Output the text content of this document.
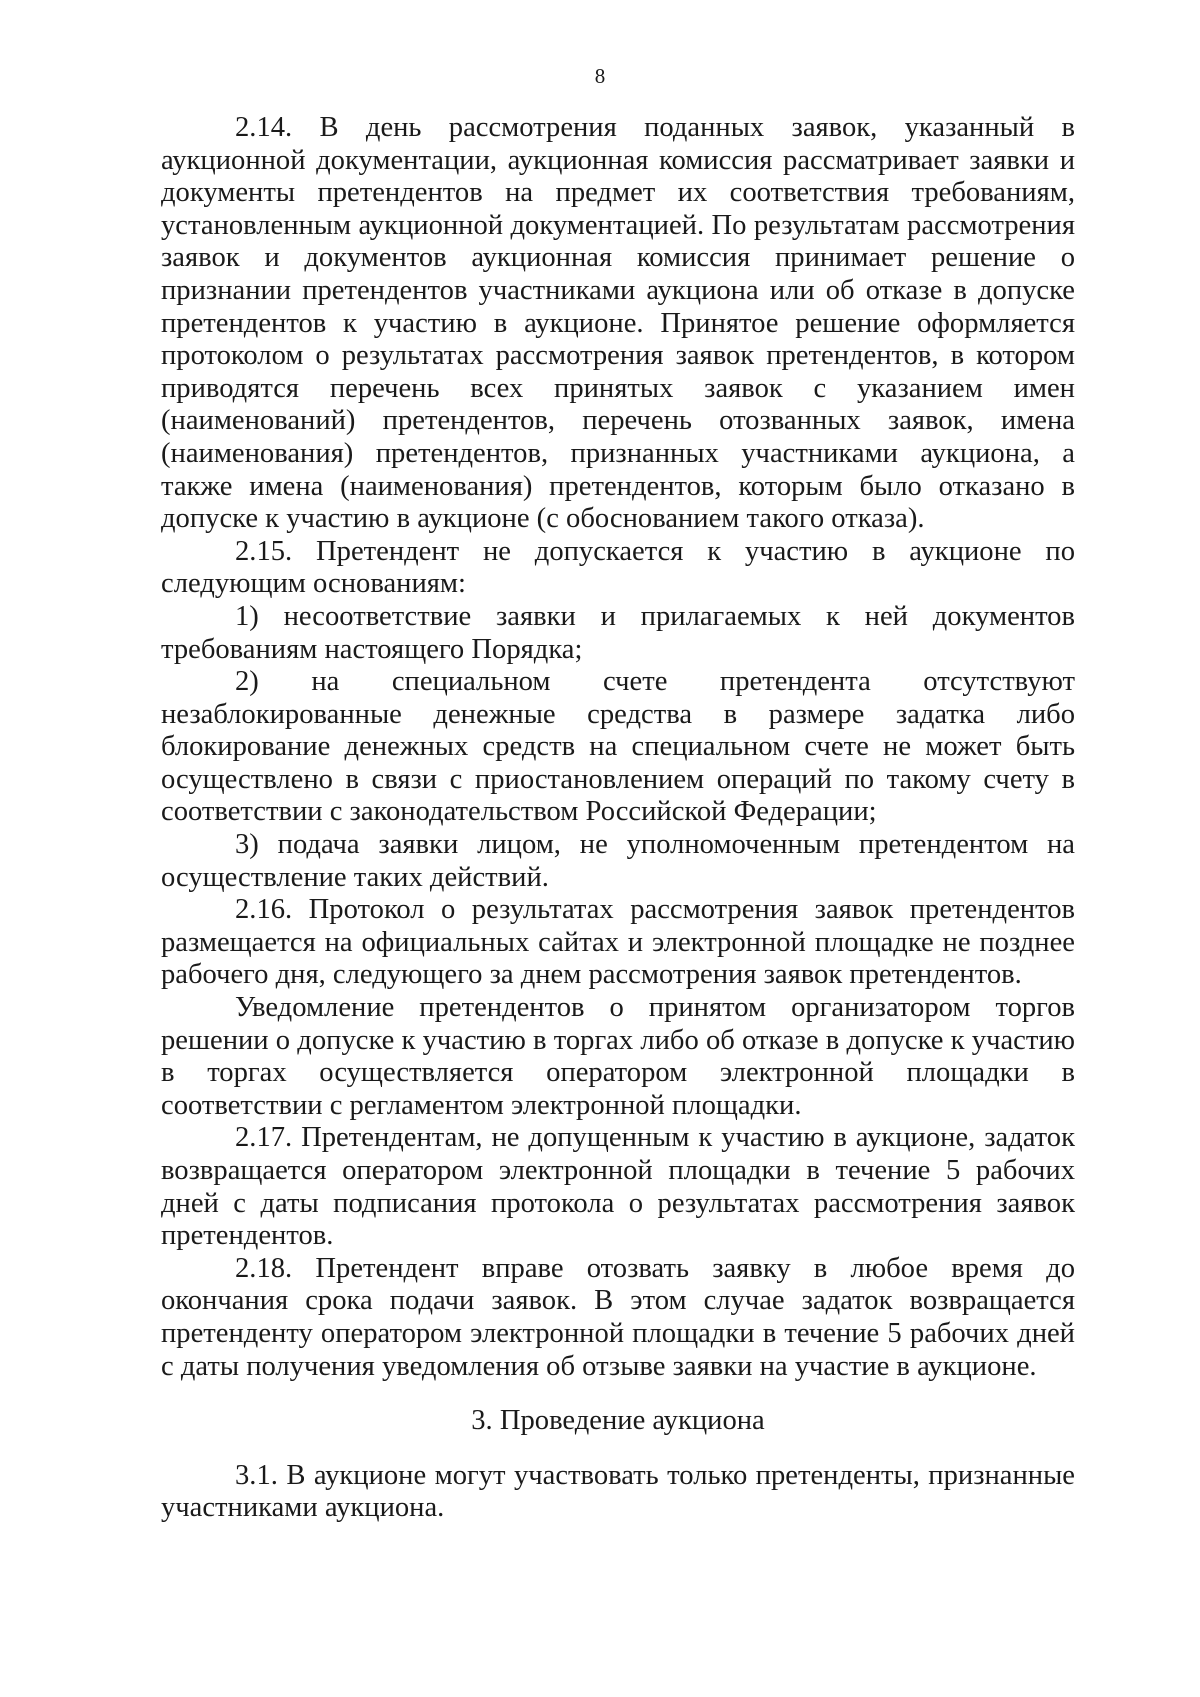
8

2.14. В день рассмотрения поданных заявок, указанный в аукционной документации, аукционная комиссия рассматривает заявки и документы претендентов на предмет их соответствия требованиям, установленным аукционной документацией. По результатам рассмотрения заявок и документов аукционная комиссия принимает решение о признании претендентов участниками аукциона или об отказе в допуске претендентов к участию в аукционе. Принятое решение оформляется протоколом о результатах рассмотрения заявок претендентов, в котором приводятся перечень всех принятых заявок с указанием имен (наименований) претендентов, перечень отозванных заявок, имена (наименования) претендентов, признанных участниками аукциона, а также имена (наименования) претендентов, которым было отказано в допуске к участию в аукционе (с обоснованием такого отказа).

2.15. Претендент не допускается к участию в аукционе по следующим основаниям:

1) несоответствие заявки и прилагаемых к ней документов требованиям настоящего Порядка;

2) на специальном счете претендента отсутствуют незаблокированные денежные средства в размере задатка либо блокирование денежных средств на специальном счете не может быть осуществлено в связи с приостановлением операций по такому счету в соответствии с законодательством Российской Федерации;

3) подача заявки лицом, не уполномоченным претендентом на осуществление таких действий.

2.16. Протокол о результатах рассмотрения заявок претендентов размещается на официальных сайтах и электронной площадке не позднее рабочего дня, следующего за днем рассмотрения заявок претендентов.

Уведомление претендентов о принятом организатором торгов решении о допуске к участию в торгах либо об отказе в допуске к участию в торгах осуществляется оператором электронной площадки в соответствии с регламентом электронной площадки.

2.17. Претендентам, не допущенным к участию в аукционе, задаток возвращается оператором электронной площадки в течение 5 рабочих дней с даты подписания протокола о результатах рассмотрения заявок претендентов.

2.18. Претендент вправе отозвать заявку в любое время до окончания срока подачи заявок. В этом случае задаток возвращается претенденту оператором электронной площадки в течение 5 рабочих дней с даты получения уведомления об отзыве заявки на участие в аукционе.

3. Проведение аукциона

3.1. В аукционе могут участвовать только претенденты, признанные участниками аукциона.
